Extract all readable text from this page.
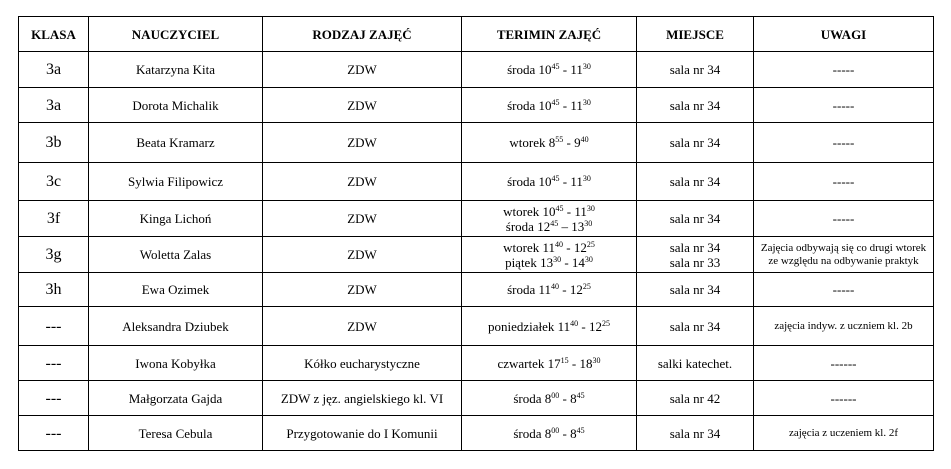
KLASA	NAUCZYCIEL	RODZAJ ZAJĘĆ	TERIMIN ZAJĘĆ	MIEJSCE	UWAGI
3a	Katarzyna Kita	ZDW	środa $10^{45} - 11^{30}$	sala nr 34	-----
3a	Dorota Michalik	ZDW	środa $10^{45} - 11^{30}$	sala nr 34	-----
3b	Beata Kramarz	ZDW	wtorek $8^{55} - 9^{40}$	sala nr 34	-----
3c	Sylwia Filipowicz	ZDW	środa $10^{45} - 11^{30}$	sala nr 34	-----
3f	Kinga Lichoń	ZDW	wtorek $10^{45} - 11^{30}$
środa $12^{45} - 13^{30}$	sala nr 34	-----
3g	Woletta Zalas	ZDW	wtorek $11^{40} - 12^{25}$
piątek $13^{30} - 14^{30}$	sala nr 34
sala nr 33	Zajęcia odbywają się co drugi wtorek ze względu na odbywanie praktyk
3h	Ewa Ozimek	ZDW	środa $11^{40} - 12^{25}$	sala nr 34	-----
---	Aleksandra Dziubek	ZDW	poniedziałek $11^{40} - 12^{25}$	sala nr 34	zajęcia indyw. z uczniem kl. 2b
---	Iwona Kobyłka	Kółko eucharystyczne	czwartek $17^{15} - 18^{30}$	salki katechet.	------
---	Małgorzata Gajda	ZDW z jęz. angielskiego kl. VI	środa $8^{00} - 8^{45}$	sala nr 42	------
---	Teresa Cebula	Przygotowanie do I Komunii	środa $8^{00} - 8^{45}$	sala nr 34	zajęcia z uczeniem kl. 2f
